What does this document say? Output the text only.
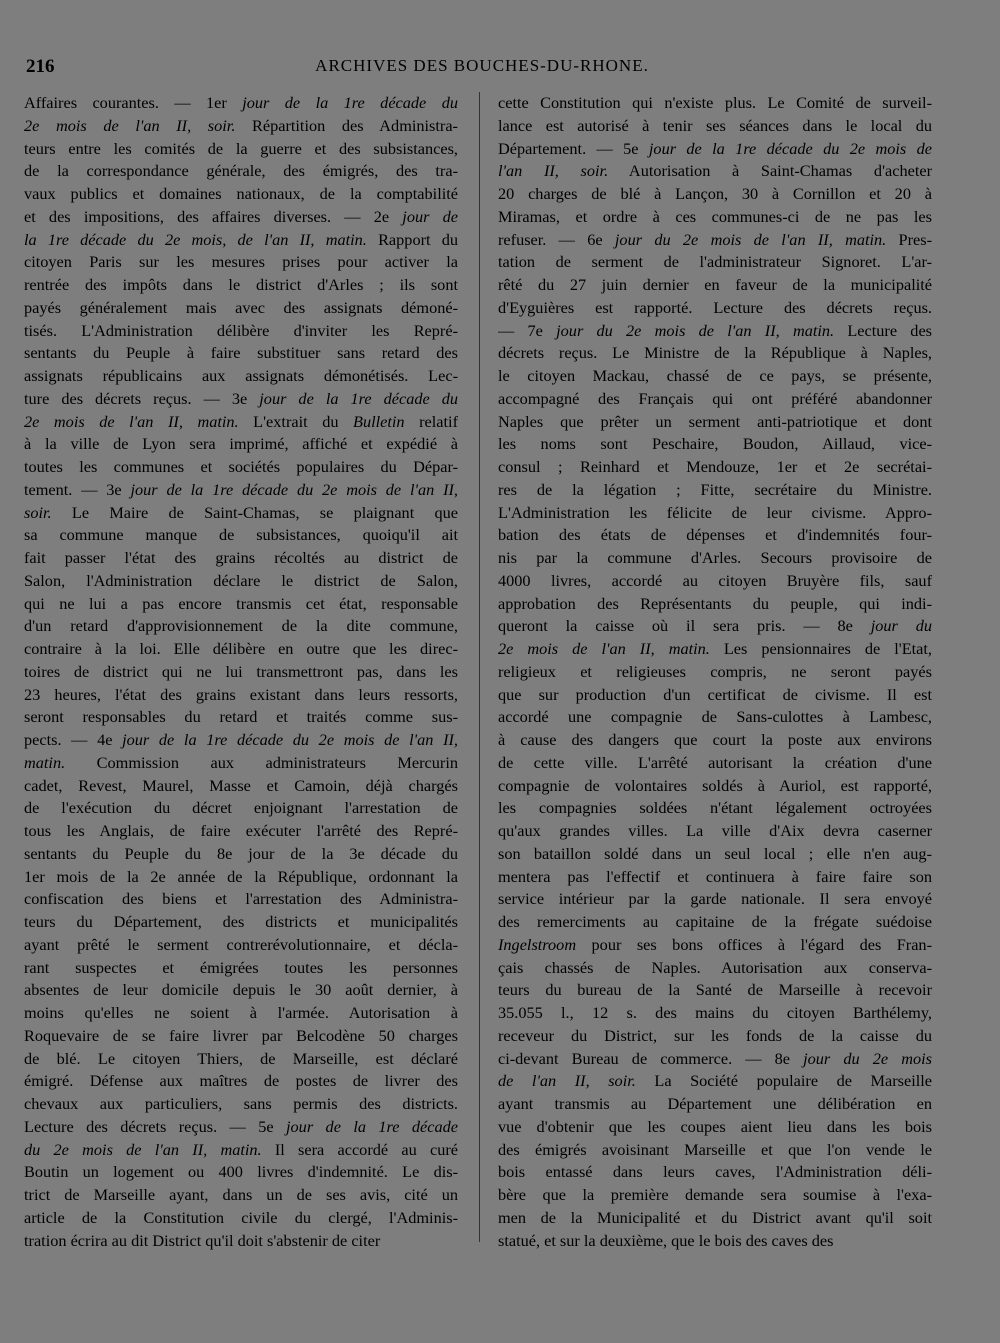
216	ARCHIVES DES BOUCHES-DU-RHONE.
Affaires courantes. — 1er jour de la 1re décade du
2e mois de l'an II, soir. Répartition des Administra-
teurs entre les comités de la guerre et des subsistances,
de la correspondance générale, des émigrés, des tra-
vaux publics et domaines nationaux, de la comptabilité
et des impositions, des affaires diverses. — 2e jour de
la 1re décade du 2e mois, de l'an II, matin. Rapport du
citoyen Paris sur les mesures prises pour activer la
rentrée des impôts dans le district d'Arles ; ils sont
payés généralement mais avec des assignats démoné-
tisés. L'Administration délibère d'inviter les Repré-
sentants du Peuple à faire substituer sans retard des
assignats républicains aux assignats démonétisés. Lec-
ture des décrets reçus. — 3e jour de la 1re décade du
2e mois de l'an II, matin. L'extrait du Bulletin relatif
à la ville de Lyon sera imprimé, affiché et expédié à
toutes les communes et sociétés populaires du Dépar-
tement. — 3e jour de la 1re décade du 2e mois de l'an II,
soir. Le Maire de Saint-Chamas, se plaignant que
sa commune manque de subsistances, quoiqu'il ait
fait passer l'état des grains récoltés au district de
Salon, l'Administration déclare le district de Salon,
qui ne lui a pas encore transmis cet état, responsable
d'un retard d'approvisionnement de la dite commune,
contraire à la loi. Elle délibère en outre que les direc-
toires de district qui ne lui transmettront pas, dans les
23 heures, l'état des grains existant dans leurs ressorts,
seront responsables du retard et traités comme sus-
pects. — 4e jour de la 1re décade du 2e mois de l'an II,
matin. Commission aux administrateurs Mercurin
cadet, Revest, Maurel, Masse et Camoin, déjà chargés
de l'exécution du décret enjoignant l'arrestation de
tous les Anglais, de faire exécuter l'arrêté des Repré-
sentants du Peuple du 8e jour de la 3e décade du
1er mois de la 2e année de la République, ordonnant la
confiscation des biens et l'arrestation des Administra-
teurs du Département, des districts et municipalités
ayant prêté le serment contrerévolutionnaire, et décla-
rant suspectes et émigrées toutes les personnes
absentes de leur domicile depuis le 30 août dernier, à
moins qu'elles ne soient à l'armée. Autorisation à
Roquevaire de se faire livrer par Belcodène 50 charges
de blé. Le citoyen Thiers, de Marseille, est déclaré
émigré. Défense aux maîtres de postes de livrer des
chevaux aux particuliers, sans permis des districts.
Lecture des décrets reçus. — 5e jour de la 1re décade
du 2e mois de l'an II, matin. Il sera accordé au curé
Boutin un logement ou 400 livres d'indemnité. Le dis-
trict de Marseille ayant, dans un de ses avis, cité un
article de la Constitution civile du clergé, l'Adminis-
tration écrira au dit District qu'il doit s'abstenir de citer
cette Constitution qui n'existe plus. Le Comité de surveil-
lance est autorisé à tenir ses séances dans le local du
Département. — 5e jour de la 1re décade du 2e mois de
l'an II, soir. Autorisation à Saint-Chamas d'acheter
20 charges de blé à Lançon, 30 à Cornillon et 20 à
Miramas, et ordre à ces communes-ci de ne pas les
refuser. — 6e jour du 2e mois de l'an II, matin. Pres-
tation de serment de l'administrateur Signoret. L'ar-
rêté du 27 juin dernier en faveur de la municipalité
d'Eyguières est rapporté. Lecture des décrets reçus.
— 7e jour du 2e mois de l'an II, matin. Lecture des
décrets reçus. Le Ministre de la République à Naples,
le citoyen Mackau, chassé de ce pays, se présente,
accompagné des Français qui ont préféré abandonner
Naples que prêter un serment anti-patriotique et dont
les noms sont Peschaire, Boudon, Aillaud, vice-
consul ; Reinhard et Mendouze, 1er et 2e secrétai-
res de la légation ; Fitte, secrétaire du Ministre.
L'Administration les félicite de leur civisme. Appro-
bation des états de dépenses et d'indemnités four-
nis par la commune d'Arles. Secours provisoire de
4000 livres, accordé au citoyen Bruyère fils, sauf
approbation des Représentants du peuple, qui indi-
queront la caisse où il sera pris. — 8e jour du
2e mois de l'an II, matin. Les pensionnaires de l'Etat,
religieux et religieuses compris, ne seront payés
que sur production d'un certificat de civisme. Il est
accordé une compagnie de Sans-culottes à Lambesc,
à cause des dangers que court la poste aux environs
de cette ville. L'arrêté autorisant la création d'une
compagnie de volontaires soldés à Auriol, est rapporté,
les compagnies soldées n'étant légalement octroyées
qu'aux grandes villes. La ville d'Aix devra caserner
son bataillon soldé dans un seul local ; elle n'en aug-
mentera pas l'effectif et continuera à faire faire son
service intérieur par la garde nationale. Il sera envoyé
des remerciments au capitaine de la frégate suédoise
Ingelstroom pour ses bons offices à l'égard des Fran-
çais chassés de Naples. Autorisation aux conserva-
teurs du bureau de la Santé de Marseille à recevoir
35.055 l., 12 s. des mains du citoyen Barthélemy,
receveur du District, sur les fonds de la caisse du
ci-devant Bureau de commerce. — 8e jour du 2e mois
de l'an II, soir. La Société populaire de Marseille
ayant transmis au Département une délibération en
vue d'obtenir que les coupes aient lieu dans les bois
des émigrés avoisinant Marseille et que l'on vende le
bois entassé dans leurs caves, l'Administration déli-
bère que la première demande sera soumise à l'exa-
men de la Municipalité et du District avant qu'il soit
statué, et sur la deuxième, que le bois des caves des
